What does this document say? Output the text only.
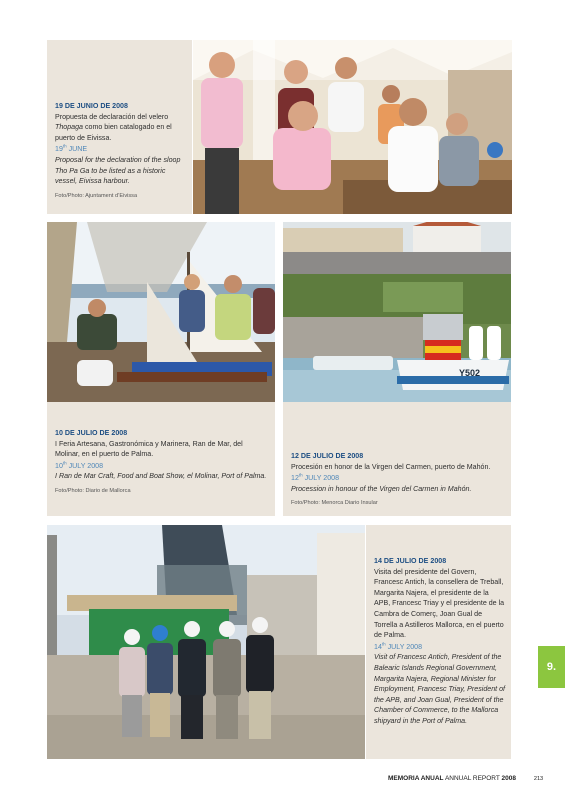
19 DE JUNIO DE 2008
Propuesta de declaración del velero Thopaga como bien catalogado en el puerto de Eivissa.
19th JUNE
Proposal for the declaration of the sloop Tho Pa Ga to be listed as a historic vessel, Eivissa harbour.
Foto/Photo: Ajuntament d’Eivissa
10 DE JULIO DE 2008
I Feria Artesana, Gastronómica y Marinera, Ran de Mar, del Molinar, en el puerto de Palma.
10th JULY 2008
I Ran de Mar Craft, Food and Boat Show, el Molinar, Port of Palma.
Foto/Photo: Diario de Mallorca
Y502
12 DE JULIO DE 2008
Procesión en honor de la Virgen del Carmen, puerto de Mahón.
12th JULY 2008
Procession in honour of the Virgen del Carmen in Mahón.
Foto/Photo: Menorca Diario Insular
14 DE JULIO DE 2008
Visita del presidente del Govern, Francesc Antich, la consellera de Treball, Margarita Najera, el presidente de la APB, Francesc Triay y el presidente de la Cambra de Comerç, Joan Gual de Torrella a Astilleros Mallorca, en el puerto de Palma.
14th JULY 2008
Visit of Francesc Antich, President of the Balearic Islands Regional Government, Margarita Najera, Regional Minister for Employment, Francesc Triay, President of the APB, and Joan Gual, President of the Chamber of Commerce, to the Mallorca shipyard in the Port of Palma.
9.
MEMORIA ANUAL ANNUAL REPORT 2008	213
